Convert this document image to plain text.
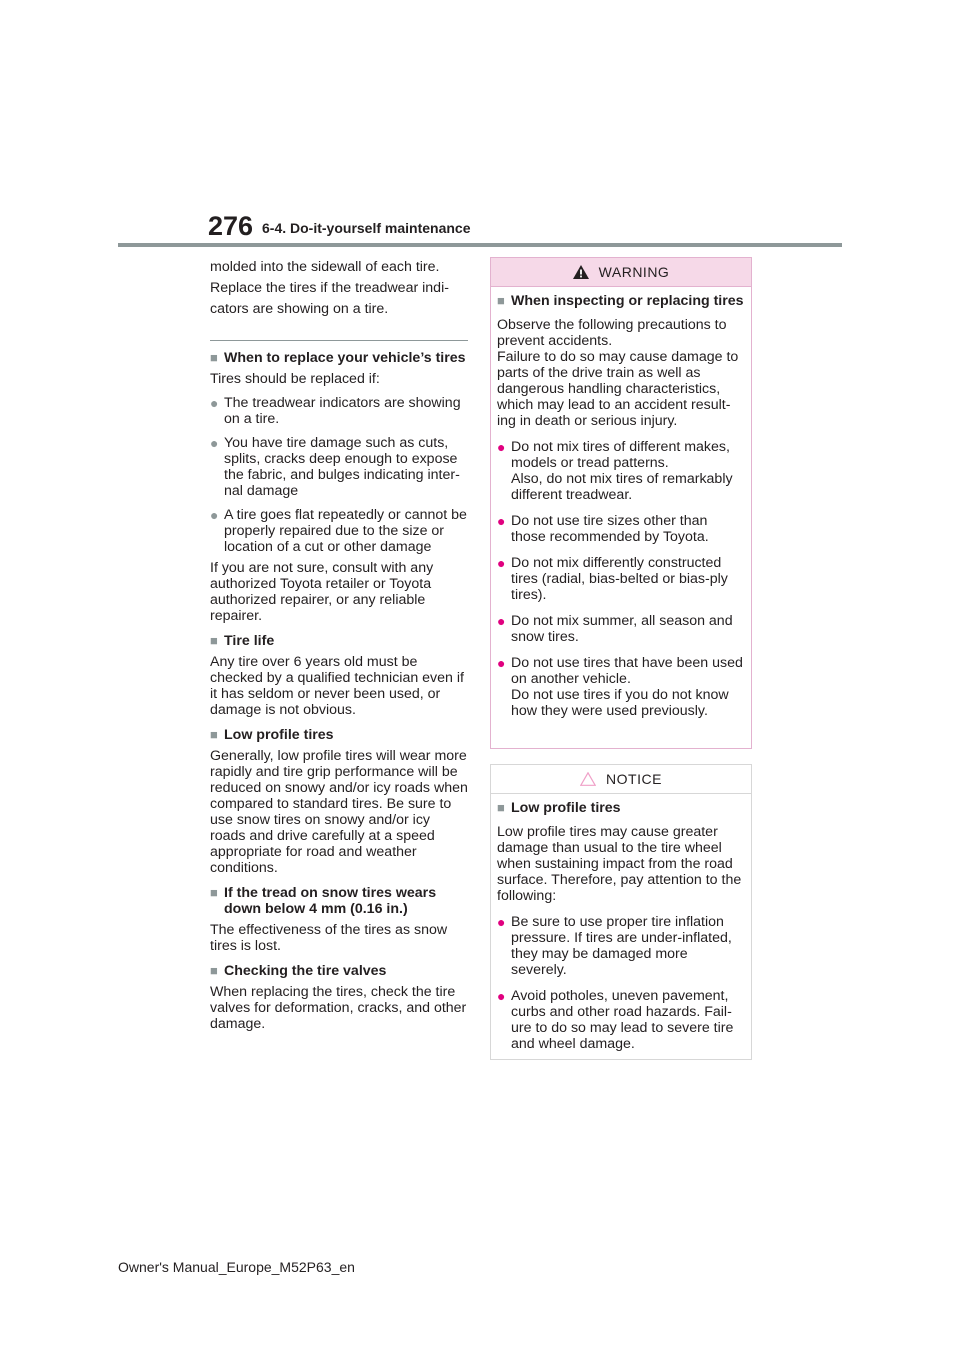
276 6-4. Do-it-yourself maintenance

molded into the sidewall of each tire.

Replace the tires if the treadwear indi-

cators are showing on a tire.

■ When to replace your vehicle’s tires

Tires should be replaced if:

● The treadwear indicators are showing on a tire.
● You have tire damage such as cuts, splits, cracks deep enough to expose the fabric, and bulges indicating inter-nal damage
● A tire goes flat repeatedly or cannot be properly repaired due to the size or location of a cut or other damage

If you are not sure, consult with any authorized Toyota retailer or Toyota authorized repairer, or any reliable repairer.

■ Tire life

Any tire over 6 years old must be checked by a qualified technician even if it has seldom or never been used, or damage is not obvious.

■ Low profile tires

Generally, low profile tires will wear more rapidly and tire grip performance will be reduced on snowy and/or icy roads when compared to standard tires. Be sure to use snow tires on snowy and/or icy roads and drive carefully at a speed appropriate for road and weather conditions.

■ If the tread on snow tires wears down below 4 mm (0.16 in.)

The effectiveness of the tires as snow tires is lost.

■ Checking the tire valves

When replacing the tires, check the tire valves for deformation, cracks, and other damage.

WARNING
■ When inspecting or replacing tires

Observe the following precautions to prevent accidents.
Failure to do so may cause damage to parts of the drive train as well as dangerous handling characteristics, which may lead to an accident result-ing in death or serious injury.

● Do not mix tires of different makes, models or tread patterns.
Also, do not mix tires of remarkably different treadwear.
● Do not use tire sizes other than those recommended by Toyota.
● Do not mix differently constructed tires (radial, bias-belted or bias-ply tires).
● Do not mix summer, all season and snow tires.
● Do not use tires that have been used on another vehicle.
Do not use tires if you do not know how they were used previously.
NOTICE
■ Low profile tires

Low profile tires may cause greater damage than usual to the tire wheel when sustaining impact from the road surface. Therefore, pay attention to the following:

● Be sure to use proper tire inflation pressure. If tires are under-inflated, they may be damaged more severely.
● Avoid potholes, uneven pavement, curbs and other road hazards. Fail-ure to do so may lead to severe tire and wheel damage.
Owner's Manual_Europe_M52P63_en
